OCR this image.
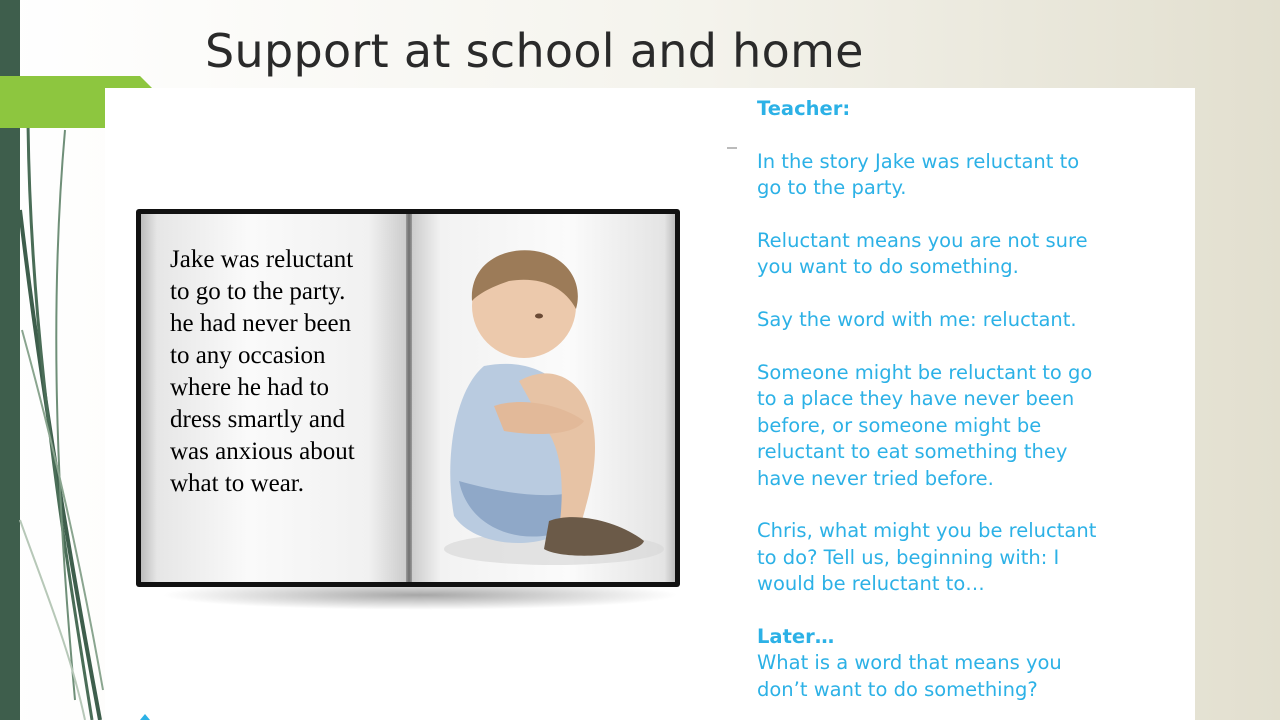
Support at school and home
Jake was reluctant
to go to the party.
he had never been
to any occasion
where he had to
dress smartly and
was anxious about
what to wear.
Teacher:
In the story Jake was reluctant to
go to the party.
Reluctant means you are not sure
you want to do something.
Say the word with me: reluctant.
Someone might be reluctant to go
to a place they have never been
before, or someone might be
reluctant to eat something they
have never tried before.
Chris, what might you be reluctant
to do? Tell us, beginning with: I
would be reluctant to…
Later…
What is a word that means you
don’t want to do something?
